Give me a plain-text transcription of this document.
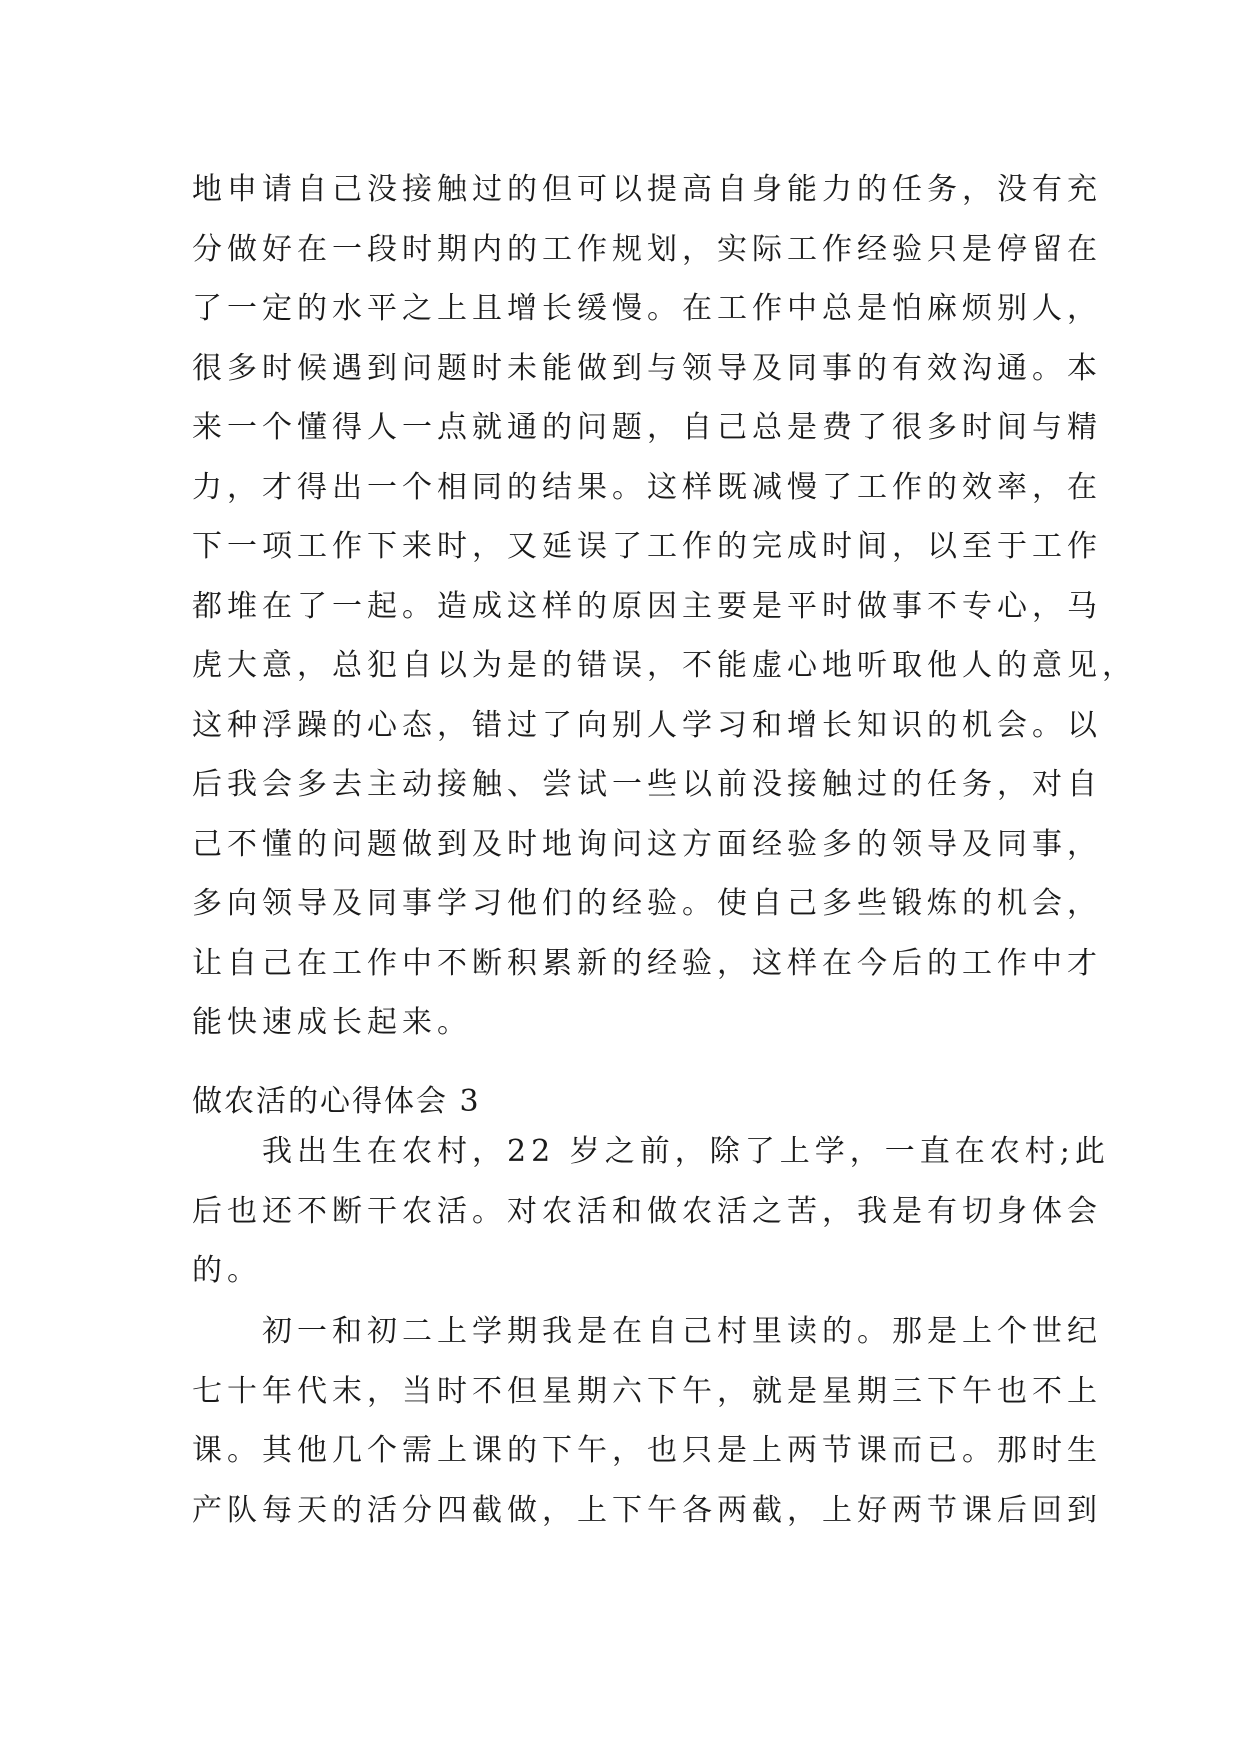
地申请自己没接触过的但可以提高自身能力的任务，没有充
分做好在一段时期内的工作规划，实际工作经验只是停留在
了一定的水平之上且增长缓慢。在工作中总是怕麻烦别人，
很多时候遇到问题时未能做到与领导及同事的有效沟通。本
来一个懂得人一点就通的问题，自己总是费了很多时间与精
力，才得出一个相同的结果。这样既减慢了工作的效率，在
下一项工作下来时，又延误了工作的完成时间，以至于工作
都堆在了一起。造成这样的原因主要是平时做事不专心，马
虎大意，总犯自以为是的错误，不能虚心地听取他人的意见，
这种浮躁的心态，错过了向别人学习和增长知识的机会。以
后我会多去主动接触、尝试一些以前没接触过的任务，对自
己不懂的问题做到及时地询问这方面经验多的领导及同事，
多向领导及同事学习他们的经验。使自己多些锻炼的机会，
让自己在工作中不断积累新的经验，这样在今后的工作中才
能快速成长起来。
做农活的心得体会 3
　　我出生在农村，22 岁之前，除了上学，一直在农村;此
后也还不断干农活。对农活和做农活之苦，我是有切身体会
的。
　　初一和初二上学期我是在自己村里读的。那是上个世纪
七十年代末，当时不但星期六下午，就是星期三下午也不上
课。其他几个需上课的下午，也只是上两节课而已。那时生
产队每天的活分四截做，上下午各两截，上好两节课后回到
